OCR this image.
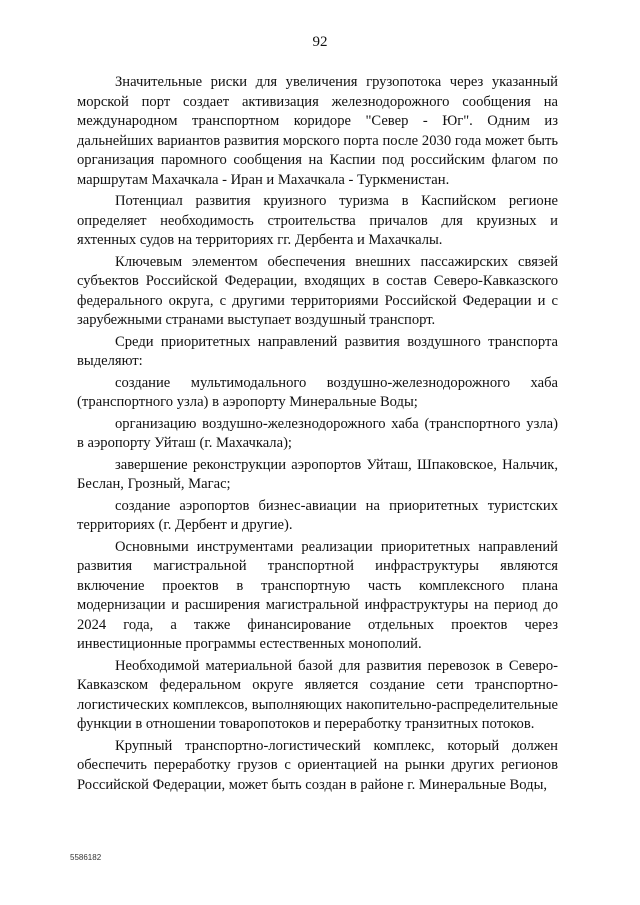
92

Значительные риски для увеличения грузопотока через указанный морской порт создает активизация железнодорожного сообщения на международном транспортном коридоре "Север - Юг". Одним из дальнейших вариантов развития морского порта после 2030 года может быть организация паромного сообщения на Каспии под российским флагом по маршрутам Махачкала - Иран и Махачкала - Туркменистан.

Потенциал развития круизного туризма в Каспийском регионе определяет необходимость строительства причалов для круизных и яхтенных судов на территориях гг. Дербента и Махачкалы.

Ключевым элементом обеспечения внешних пассажирских связей субъектов Российской Федерации, входящих в состав Северо-Кавказского федерального округа, с другими территориями Российской Федерации и с зарубежными странами выступает воздушный транспорт.

Среди приоритетных направлений развития воздушного транспорта выделяют:

создание мультимодального воздушно-железнодорожного хаба (транспортного узла) в аэропорту Минеральные Воды;

организацию воздушно-железнодорожного хаба (транспортного узла) в аэропорту Уйташ (г. Махачкала);

завершение реконструкции аэропортов Уйташ, Шпаковское, Нальчик, Беслан, Грозный, Магас;

создание аэропортов бизнес-авиации на приоритетных туристских территориях (г. Дербент и другие).

Основными инструментами реализации приоритетных направлений развития магистральной транспортной инфраструктуры являются включение проектов в транспортную часть комплексного плана модернизации и расширения магистральной инфраструктуры на период до 2024 года, а также финансирование отдельных проектов через инвестиционные программы естественных монополий.

Необходимой материальной базой для развития перевозок в Северо-Кавказском федеральном округе является создание сети транспортно-логистических комплексов, выполняющих накопительно-распределительные функции в отношении товаропотоков и переработку транзитных потоков.

Крупный транспортно-логистический комплекс, который должен обеспечить переработку грузов с ориентацией на рынки других регионов Российской Федерации, может быть создан в районе г. Минеральные Воды,

5586182
